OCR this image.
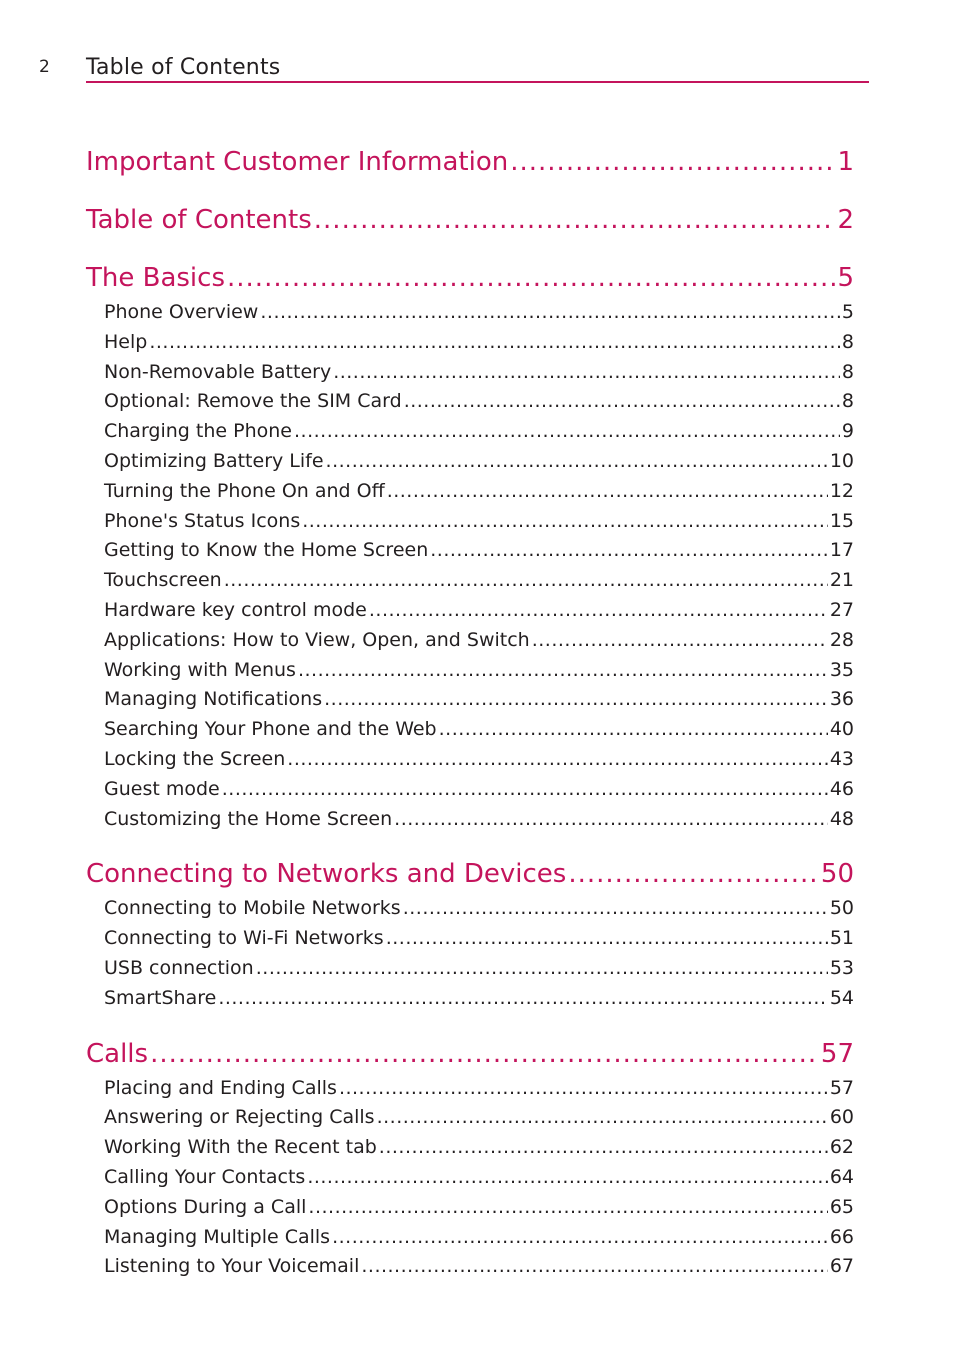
2 Table of Contents
Important Customer Information .....	1
Table of Contents .....	2
The Basics .....	5
Phone Overview .....	5
Help .....	8
Non-Removable Battery .....	8
Optional: Remove the SIM Card .....	8
Charging the Phone .....	9
Optimizing Battery Life .....	10
Turning the Phone On and Off .....	12
Phone's Status Icons .....	15
Getting to Know the Home Screen .....	17
Touchscreen .....	21
Hardware key control mode .....	27
Applications: How to View, Open, and Switch .....	28
Working with Menus .....	35
Managing Notifications .....	36
Searching Your Phone and the Web .....	40
Locking the Screen .....	43
Guest mode .....	46
Customizing the Home Screen .....	48
Connecting to Networks and Devices .....	50
Connecting to Mobile Networks .....	50
Connecting to Wi-Fi Networks .....	51
USB connection .....	53
SmartShare .....	54
Calls .....	57
Placing and Ending Calls .....	57
Answering or Rejecting Calls .....	60
Working With the Recent tab .....	62
Calling Your Contacts .....	64
Options During a Call .....	65
Managing Multiple Calls .....	66
Listening to Your Voicemail .....	67
